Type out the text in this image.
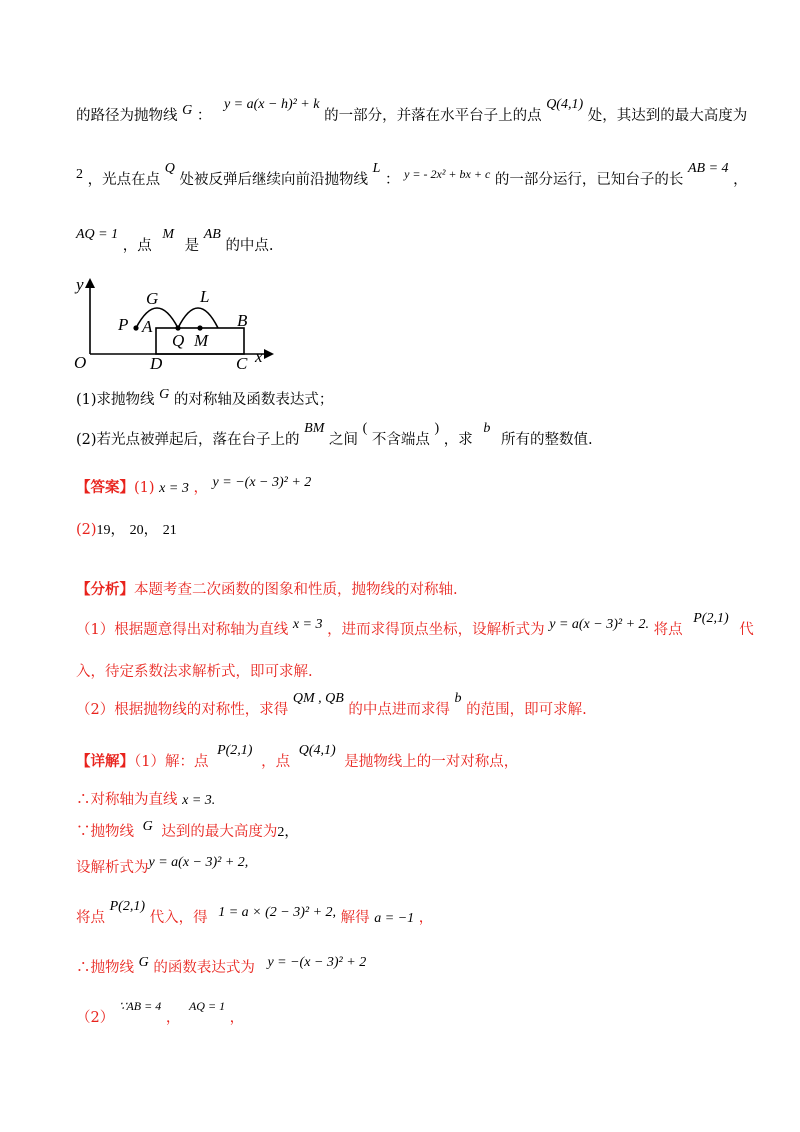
的路径为抛物线 G ： y = a(x − h)² + k 的一部分，并落在水平台子上的点 Q(4,1) 处，其达到的最大高度为
2 ，光点在点 Q 处被反弹后继续向前沿抛物线 L ： $^{y = - 2x^2 + bx + c}$ 的一部分运行，已知台子的长 AB = 4 ，
AQ = 1 ，点 M 是 AB 的中点.
y
x
O
G L
P A	B
Q M
D	C
(1)求抛物线 G 的对称轴及函数表达式；
(2)若光点被弹起后，落在台子上的 BM 之间 ( 不含端点 ) ，求 b 所有的整数值.
【答案】(1) x = 3 ， y = −(x − 3)² + 2
(2)19， 20， 21
【分析】本题考查二次函数的图象和性质，抛物线的对称轴.
（1）根据题意得出对称轴为直线 x = 3 ，进而求得顶点坐标，设解析式为 y = a(x − 3)² + 2. 将点 P(2,1) 代
入，待定系数法求解析式，即可求解.
（2）根据抛物线的对称性，求得 QM , QB 的中点进而求得 b 的范围，即可求解.
【详解】（1）解：点 P(2,1) ，点 Q(4,1) 是抛物线上的一对对称点，
∴对称轴为直线 x = 3.
∵抛物线 G 达到的最大高度为2，
设解析式为y = a(x − 3)² + 2,
将点 P(2,1) 代入，得 1 = a × (2 − 3)² + 2, 解得 a = −1 ，
∴抛物线 G 的函数表达式为 y = −(x − 3)² + 2
（2） $^{\because AB = 4}$ ， $^{AQ = 1}$ ，
